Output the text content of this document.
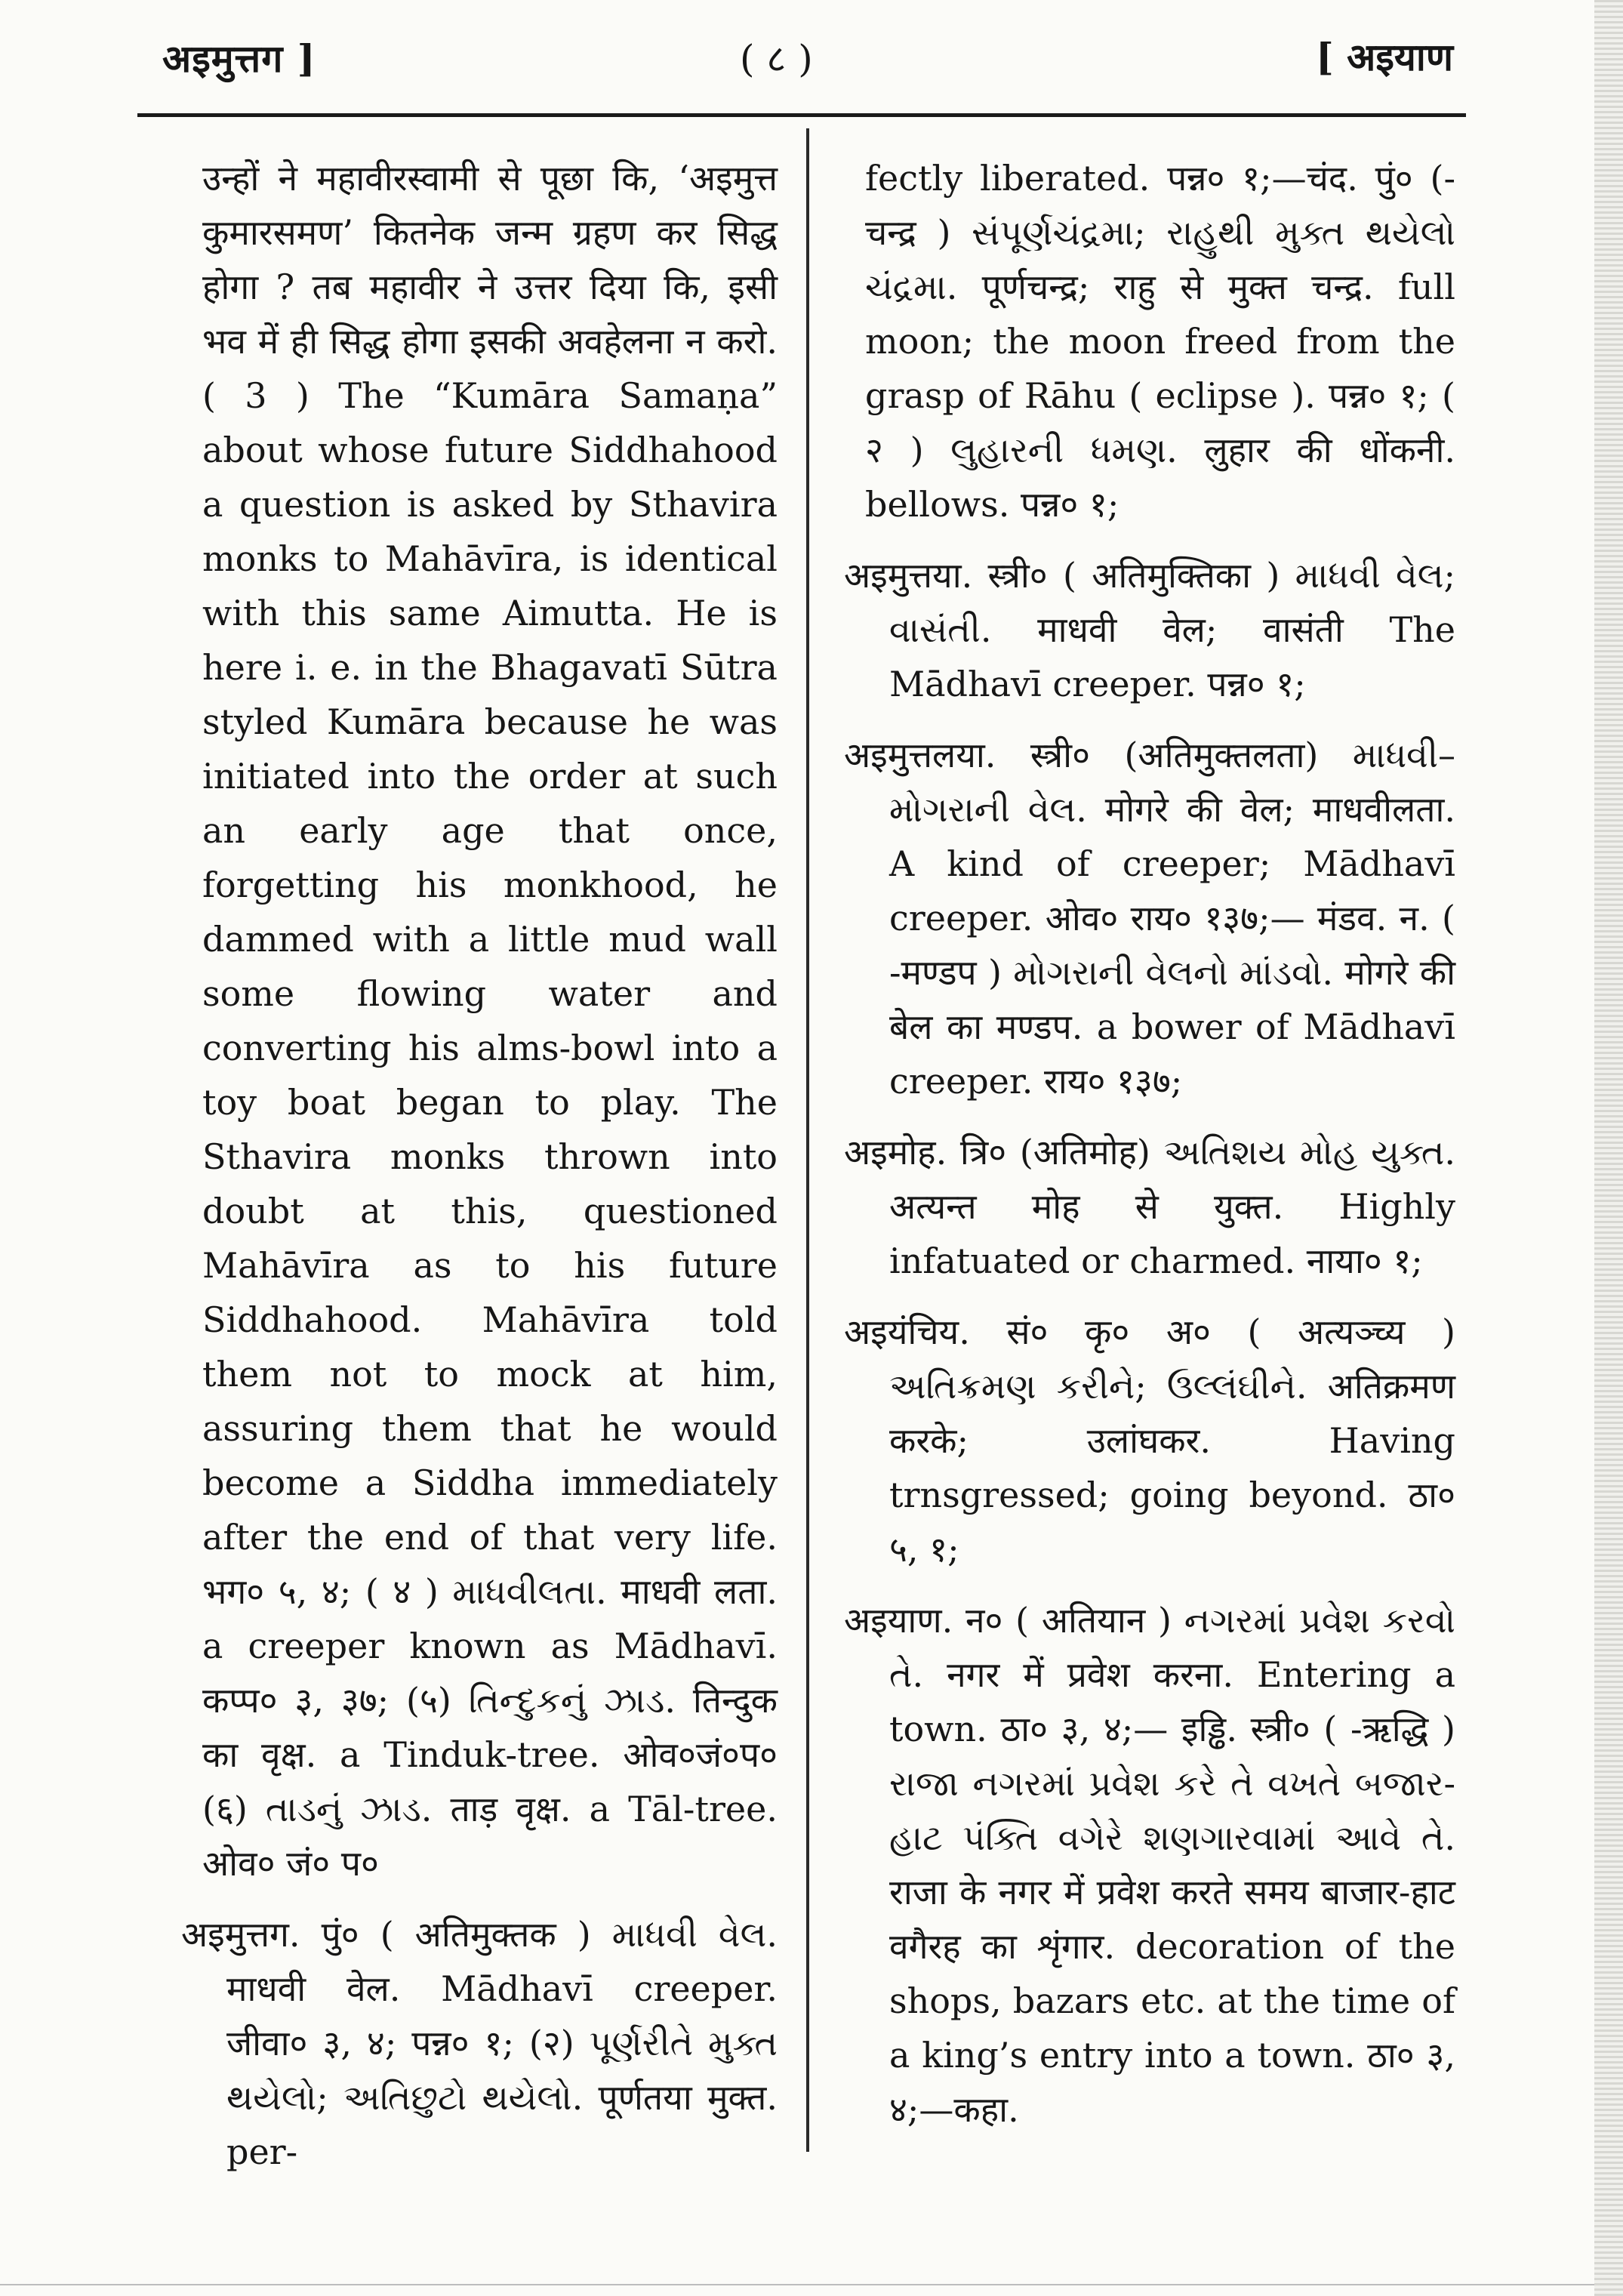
अइमुत्तग ]	( ८ )	[ अइयाण

उन्हों ने महावीरस्वामी से पूछा कि, ‘अइमुत्त कुमारसमण’ कितनेक जन्म ग्रहण कर सिद्ध होगा ? तब महावीर ने उत्तर दिया कि, इसी भव में ही सिद्ध होगा इसकी अवहेलना न करो. ( 3 ) The “Kumāra Samaṇa” about whose future Siddhahood a question is asked by Sthavira monks to Mahāvīra, is identical with this same Aimutta. He is here i. e. in the Bhagavatī Sūtra styled Kumāra because he was initiated into the order at such an early age that once, forgetting his monkhood, he dammed with a little mud wall some flowing water and converting his alms-bowl into a toy boat began to play. The Sthavira monks thrown into doubt at this, questioned Mahāvīra as to his future Siddhahood. Mahāvīra told them not to mock at him, assuring them that he would become a Siddha immediately after the end of that very life. भग० ५, ४; ( ४ ) માધવીલતા. माधवी लता. a creeper known as Mādhavī. कप्प० ३, ३७; (५) તિન્દુકનું ઝાડ. तिन्दुक का वृक्ष. a Tinduk-tree. ओव०जं०प० (६) તાડનું ઝાડ. ताड़ वृक्ष. a Tāl-tree. ओव० जं० प०

अइमुत्तग. पुं० ( अतिमुक्तक ) માધવી વેલ. माधवी वेल. Mādhavī creeper. जीवा० ३, ४; पन्न० १; (२) પૂર્ણરીતે મુક્ત થયેલો; અતિછુટો થયેલો. पूर्णतया मुक्त. per-

fectly liberated. पन्न० १;—चंद. पुं० (-चन्द्र ) સંપૂર્ણચંદ્રમા; રાહુથી મુક્ત થયેલો ચંદ્રમા. पूर्णचन्द्र; राहु से मुक्त चन्द्र. full moon; the moon freed from the grasp of Rāhu ( eclipse ). पन्न० १; ( २ ) લુહારની ધમણ. लुहार की धोंकनी. bellows. पन्न० १;

अइमुत्तया. स्त्री० ( अतिमुक्तिका ) માધવી વેલ; વાસંતી. माधवी वेल; वासंती The Mādhavī creeper. पन्न० १;

अइमुत्तलया. स्त्री० (अतिमुक्तलता) માધવી–મોગરાની વેલ. मोगरे की वेल; माधवीलता. A kind of creeper; Mādhavī creeper. ओव० राय० १३७;— मंडव. न. ( -मण्डप ) મોગરાની વેલનો માંડવો. मोगरे की बेल का मण्डप. a bower of Mādhavī creeper. राय० १३७;

अइमोह. त्रि० (अतिमोह) અતિશય મોહ યુક્ત. अत्यन्त मोह से युक्त. Highly infatuated or charmed. नाया० १;

अइयंचिय. सं० कृ० अ० ( अत्यञ्च्य ) અતિક્રમણ કરીને; ઉલ્લંઘીને. अतिक्रमण करके; उलांघकर. Having trnsgressed; going beyond. ठा० ५, १;

अइयाण. न० ( अतियान ) નગરમાં પ્રવેશ કરવો તે. नगर में प्रवेश करना. Entering a town. ठा० ३, ४;— इड्ढि. स्त्री० ( -ऋद्धि ) રાજા નગરમાં પ્રવેશ કરે તે વખતે બજાર-હાટ પંક્તિ વગેરે શણગારવામાં આવે તે. राजा के नगर में प्रवेश करते समय बाजार-हाट वगैरह का शृंगार. decoration of the shops, bazars etc. at the time of a king’s entry into a town. ठा० ३, ४;—कहा.
